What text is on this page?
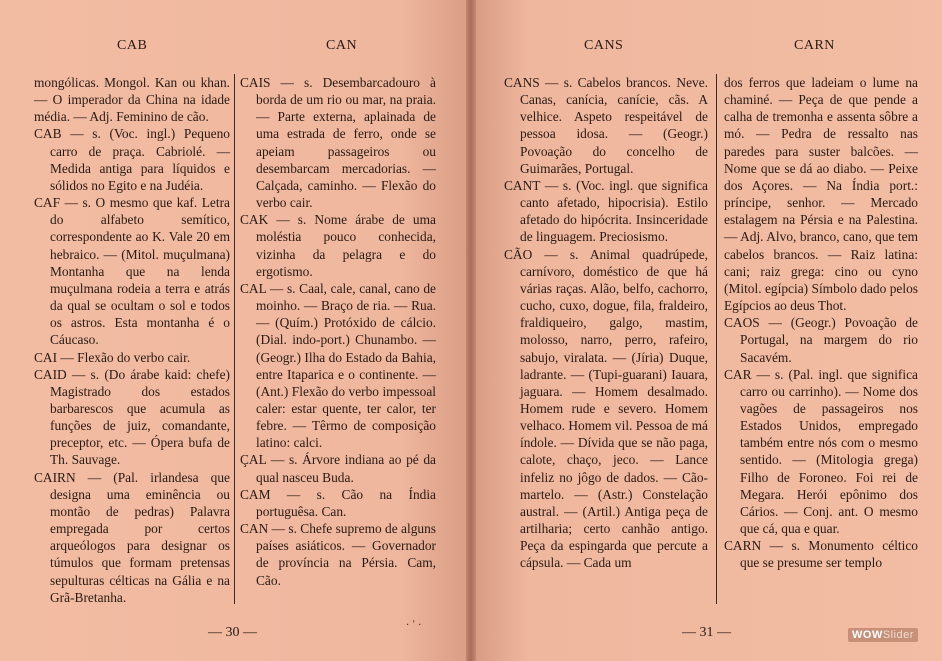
CAB	CAN

mongólicas. Mongol. Kan ou khan. — O imperador da China na idade média. — Adj. Feminino de cão.

CAB — s. (Voc. ingl.) Pequeno carro de praça. Cabriolé. — Medida antiga para líquidos e sólidos no Egito e na Judéia.

CAF — s. O mesmo que kaf. Letra do alfabeto semítico, correspondente ao K. Vale 20 em hebraico. — (Mitol. muçulmana) Montanha que na lenda muçulmana rodeia a terra e atrás da qual se ocultam o sol e todos os astros. Esta montanha é o Cáucaso.

CAI — Flexão do verbo cair.

CAID — s. (Do árabe kaid: chefe) Magistrado dos estados barbarescos que acumula as funções de juiz, comandante, preceptor, etc. — Ópera bufa de Th. Sauvage.

CAIRN — (Pal. irlandesa que designa uma eminência ou montão de pedras) Palavra empregada por certos arqueólogos para designar os túmulos que formam pretensas sepulturas célticas na Gália e na Grã-Bretanha.

CAIS — s. Desembarcadouro à borda de um rio ou mar, na praia. — Parte externa, aplainada de uma estrada de ferro, onde se apeiam passageiros ou desembarcam mercadorias. — Calçada, caminho. — Flexão do verbo cair.

CAK — s. Nome árabe de uma moléstia pouco conhecida, vizinha da pelagra e do ergotismo.

CAL — s. Caal, cale, canal, cano de moinho. — Braço de ria. — Rua. — (Quím.) Protóxido de cálcio. (Dial. indo-port.) Chunambo. — (Geogr.) Ilha do Estado da Bahia, entre Itaparica e o continente. —(Ant.) Flexão do verbo impessoal caler: estar quente, ter calor, ter febre. — Têrmo de composição latino: calci.

ÇAL — s. Árvore indiana ao pé da qual nasceu Buda.

CAM — s. Cão na Índia portuguêsa. Can.

CAN — s. Chefe supremo de alguns países asiáticos. — Governador de província na Pérsia. Cam, Cão.

— 30 —	· ˈ ·
CANS	CARN

CANS — s. Cabelos brancos. Neve. Canas, canícia, canície, cãs. A velhice. Aspeto respeitável de pessoa idosa. — (Geogr.) Povoação do concelho de Guimarães, Portugal.

CANT — s. (Voc. ingl. que significa canto afetado, hipocrisia). Estilo afetado do hipócrita. Insinceridade de linguagem. Preciosismo.

CÃO — s. Animal quadrúpede, carnívoro, doméstico de que há várias raças. Alão, belfo, cachorro, cucho, cuxo, dogue, fila, fraldeiro, fraldiqueiro, galgo, mastim, molosso, narro, perro, rafeiro, sabujo, viralata. — (Jíria) Duque, ladrante. — (Tupi-guarani) Iauara, jaguara. — Homem desalmado. Homem rude e severo. Homem velhaco. Homem vil. Pessoa de má índole. — Dívida que se não paga, calote, chaço, jeco. — Lance infeliz no jôgo de dados. — Cão-martelo. — (Astr.) Constelação austral. — (Artil.) Antiga peça de artilharia; certo canhão antigo. Peça da espingarda que percute a cápsula. — Cada um

dos ferros que ladeiam o lume na chaminé. — Peça de que pende a calha de tremonha e assenta sôbre a mó. — Pedra de ressalto nas paredes para suster balcões. — Nome que se dá ao diabo. — Peixe dos Açores. — Na Índia port.: príncipe, senhor. — Mercado estalagem na Pérsia e na Palestina. — Adj. Alvo, branco, cano, que tem cabelos brancos. — Raiz latina: cani; raiz grega: cino ou cyno (Mitol. egípcia) Símbolo dado pelos Egípcios ao deus Thot.

CAOS — (Geogr.) Povoação de Portugal, na margem do rio Sacavém.

CAR — s. (Pal. ingl. que significa carro ou carrinho). — Nome dos vagões de passageiros nos Estados Unidos, empregado também entre nós com o mesmo sentido. — (Mitologia grega) Filho de Foroneo. Foi rei de Megara. Herói epônimo dos Cários. — Conj. ant. O mesmo que cá, qua e quar.

CARN — s. Monumento céltico que se presume ser templo

— 31 —	WOWSlider
